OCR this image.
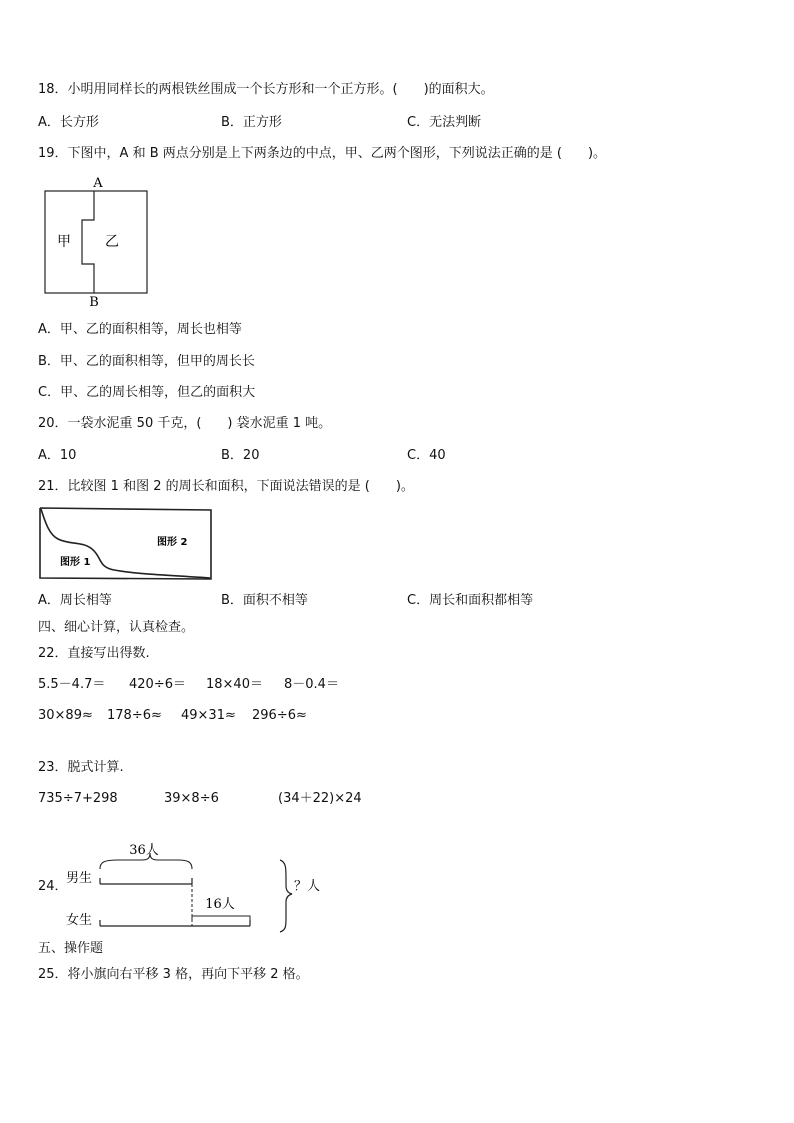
18．小明用同样长的两根铁丝围成一个长方形和一个正方形。(　　)的面积大。
A．长方形	B．正方形	C．无法判断
19．下图中，A 和 B 两点分别是上下两条边的中点，甲、乙两个图形，下列说法正确的是 (　　)。
A
B
甲 乙
A．甲、乙的面积相等，周长也相等
B．甲、乙的面积相等，但甲的周长长
C．甲、乙的周长相等，但乙的面积大
20．一袋水泥重 50 千克，(　　) 袋水泥重 1 吨。
A．10	B．20	C．40
21．比较图 1 和图 2 的周长和面积，下面说法错误的是 (　　)。
图形 1
图形 2
A．周长相等	B．面积不相等	C．周长和面积都相等
四、细心计算，认真检查。
22．直接写出得数.
5.5－4.7＝ 420÷6＝ 18×40＝ 8－0.4＝
30×89≈ 178÷6≈ 49×31≈ 296÷6≈
23．脱式计算.
735÷7+298	39×8÷6	(34＋22)×24
24．
36人
男生
女生
16人
？人
五、操作题
25．将小旗向右平移 3 格，再向下平移 2 格。
